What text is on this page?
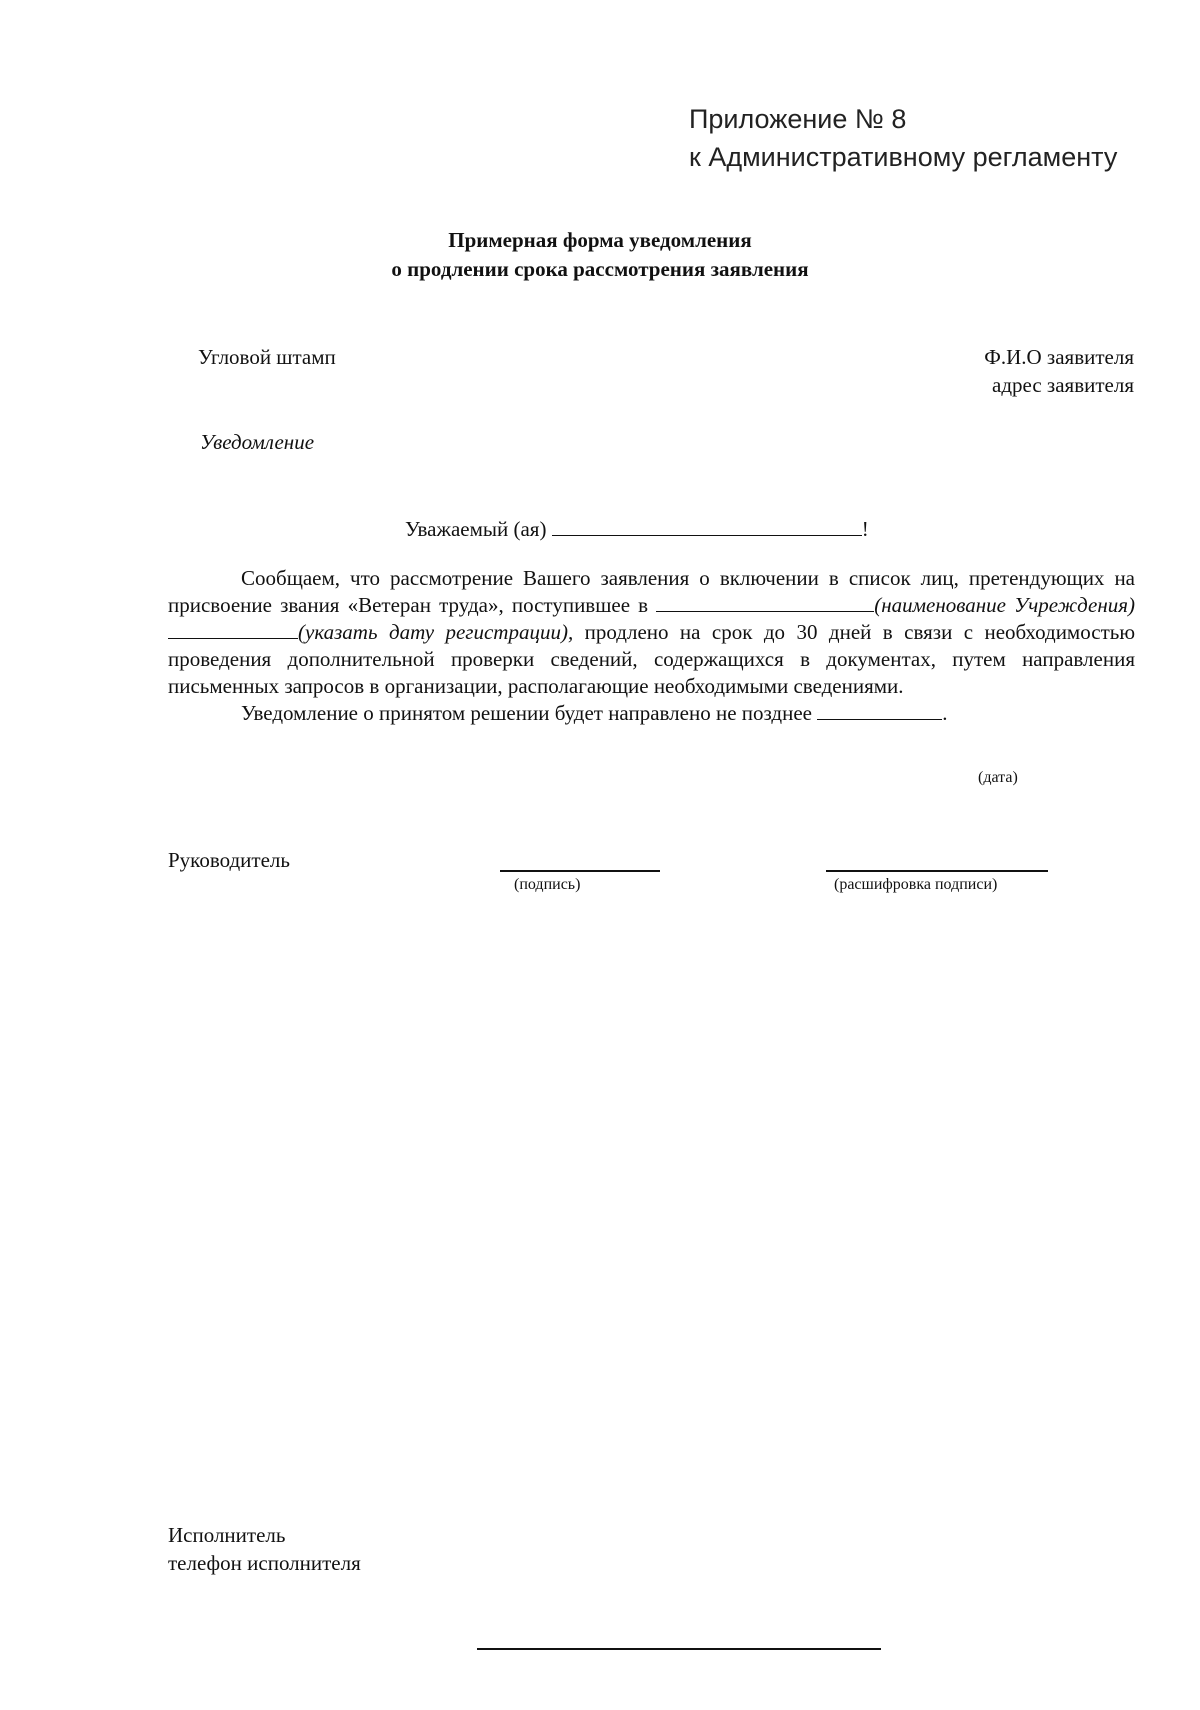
Приложение № 8
к Административному регламенту
Примерная форма уведомления
о продлении срока рассмотрения заявления
Угловой штамп	Ф.И.О заявителя
адрес заявителя
Уведомление
Уважаемый (ая)	!

Сообщаем, что рассмотрение Вашего заявления о включении в список лиц, претендующих на присвоение звания «Ветеран труда», поступившее в	(наименование Учреждения)(указать дату регистрации), продлено на срок до 30 дней в связи с необходимостью проведения дополнительной проверки сведений, содержащихся в документах, путем направления письменных запросов в организации, располагающие необходимыми сведениями.

Уведомление о принятом решении будет направлено не позднее	.

(дата)
Руководитель
(подпись)	(расшифровка подписи)
Исполнитель
телефон исполнителя
